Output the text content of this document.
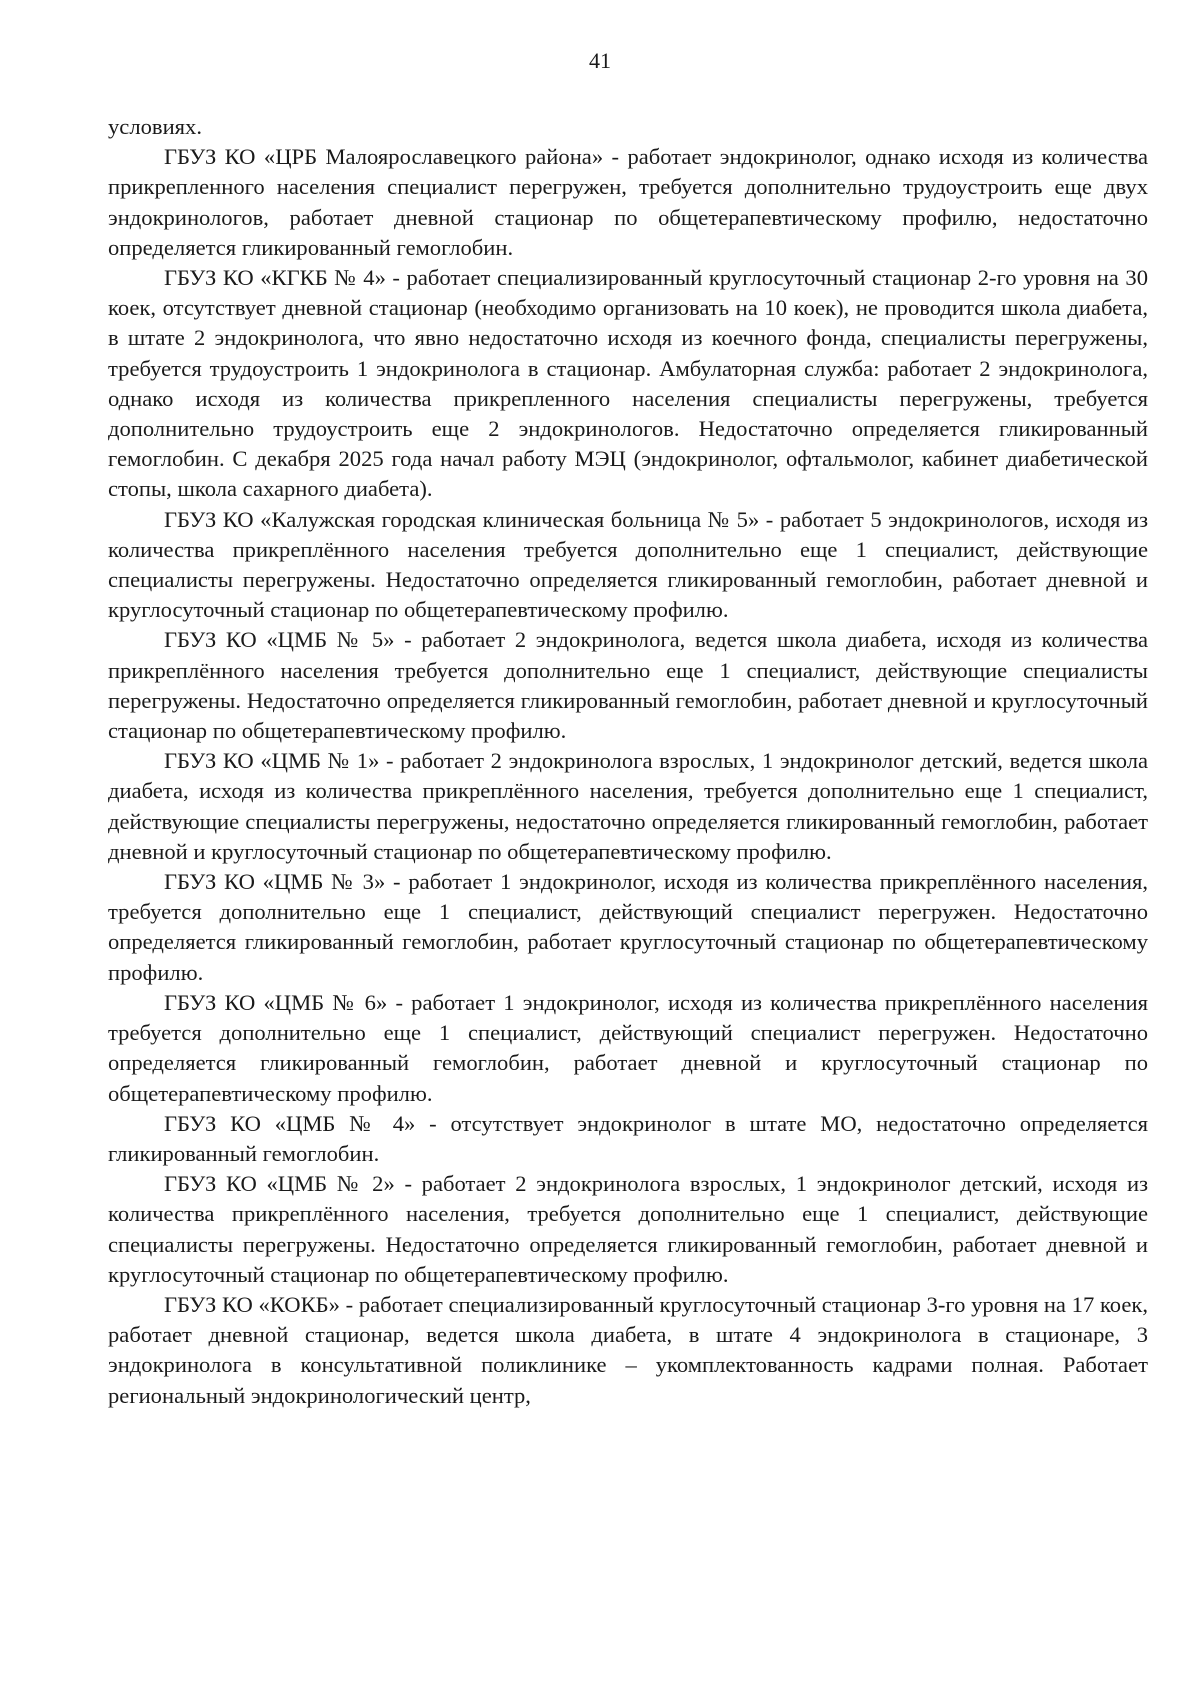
41

условиях.

ГБУЗ КО «ЦРБ Малоярославецкого района» - работает эндокринолог, однако исходя из количества прикрепленного населения специалист перегружен, требуется дополнительно трудоустроить еще двух эндокринологов, работает дневной стационар по общетерапевтическому профилю, недостаточно определяется гликированный гемоглобин.

ГБУЗ КО «КГКБ № 4» - работает специализированный круглосуточный стационар 2-го уровня на 30 коек, отсутствует дневной стационар (необходимо организовать на 10 коек), не проводится школа диабета, в штате 2 эндокринолога, что явно недостаточно исходя из коечного фонда, специалисты перегружены, требуется трудоустроить 1 эндокринолога в стационар. Амбулаторная служба: работает 2 эндокринолога, однако исходя из количества прикрепленного населения специалисты перегружены, требуется дополнительно трудоустроить еще 2 эндокринологов. Недостаточно определяется гликированный гемоглобин. С декабря 2025 года начал работу МЭЦ (эндокринолог, офтальмолог, кабинет диабетической стопы, школа сахарного диабета).

ГБУЗ КО «Калужская городская клиническая больница № 5» - работает 5 эндокринологов, исходя из количества прикреплённого населения требуется дополнительно еще 1 специалист, действующие специалисты перегружены. Недостаточно определяется гликированный гемоглобин, работает дневной и круглосуточный стационар по общетерапевтическому профилю.

ГБУЗ КО «ЦМБ № 5» - работает 2 эндокринолога, ведется школа диабета, исходя из количества прикреплённого населения требуется дополнительно еще 1 специалист, действующие специалисты перегружены. Недостаточно определяется гликированный гемоглобин, работает дневной и круглосуточный стационар по общетерапевтическому профилю.

ГБУЗ КО «ЦМБ № 1» - работает 2 эндокринолога взрослых, 1 эндокринолог детский, ведется школа диабета, исходя из количества прикреплённого населения, требуется дополнительно еще 1 специалист, действующие специалисты перегружены, недостаточно определяется гликированный гемоглобин, работает дневной и круглосуточный стационар по общетерапевтическому профилю.

ГБУЗ КО «ЦМБ № 3» - работает 1 эндокринолог, исходя из количества прикреплённого населения, требуется дополнительно еще 1 специалист, действующий специалист перегружен. Недостаточно определяется гликированный гемоглобин, работает круглосуточный стационар по общетерапевтическому профилю.

ГБУЗ КО «ЦМБ № 6» - работает 1 эндокринолог, исходя из количества прикреплённого населения требуется дополнительно еще 1 специалист, действующий специалист перегружен. Недостаточно определяется гликированный гемоглобин, работает дневной и круглосуточный стационар по общетерапевтическому профилю.

ГБУЗ КО «ЦМБ № 4» - отсутствует эндокринолог в штате МО, недостаточно определяется гликированный гемоглобин.

ГБУЗ КО «ЦМБ № 2» - работает 2 эндокринолога взрослых, 1 эндокринолог детский, исходя из количества прикреплённого населения, требуется дополнительно еще 1 специалист, действующие специалисты перегружены. Недостаточно определяется гликированный гемоглобин, работает дневной и круглосуточный стационар по общетерапевтическому профилю.

ГБУЗ КО «КОКБ» - работает специализированный круглосуточный стационар 3-го уровня на 17 коек, работает дневной стационар, ведется школа диабета, в штате 4 эндокринолога в стационаре, 3 эндокринолога в консультативной поликлинике – укомплектованность кадрами полная. Работает региональный эндокринологический центр,
